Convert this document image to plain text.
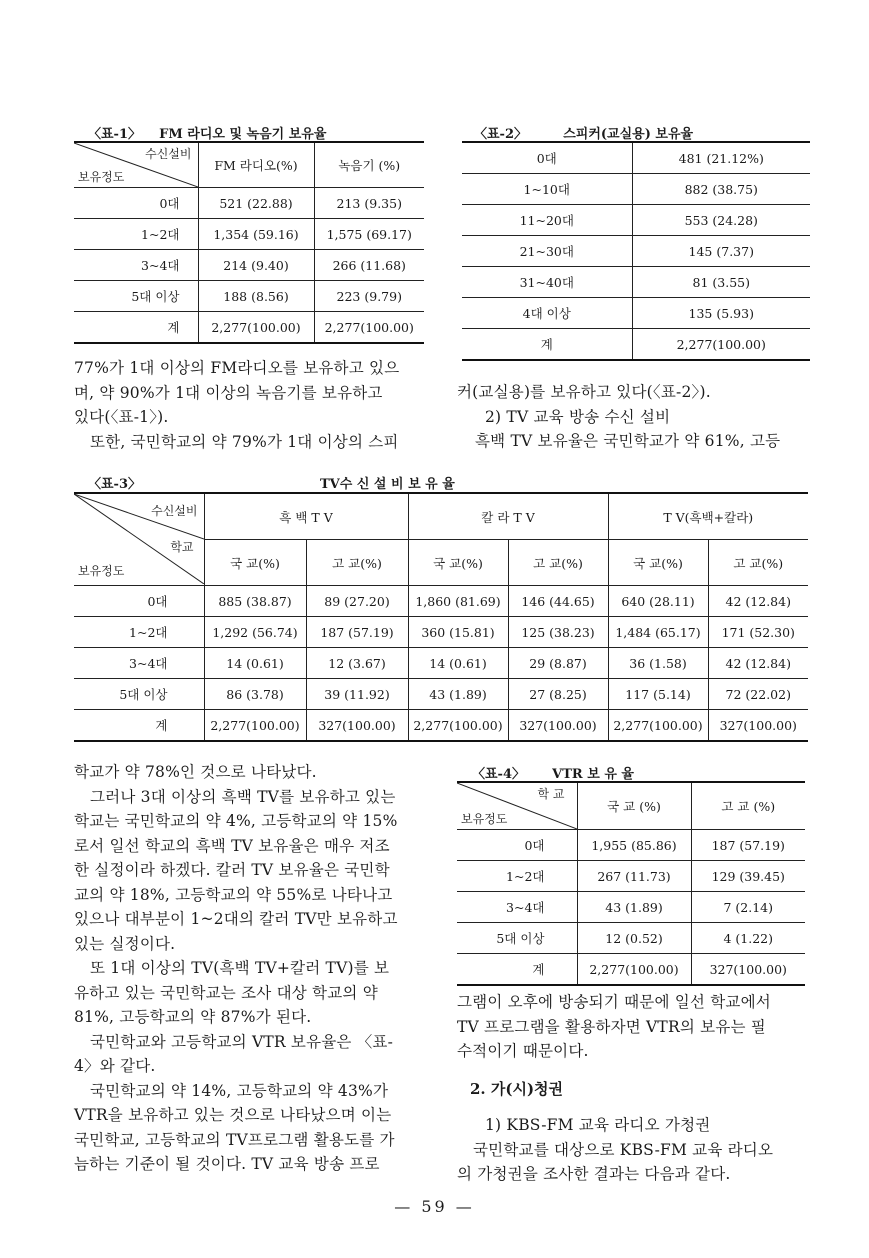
〈표-1〉 FM 라디오 및 녹음기 보유율
수신설비
보유정도	FM 라디오(%)	녹음기 (%)
0대	521 (22.88)	213 (9.35)
1~2대	1,354 (59.16)	1,575 (69.17)
3~4대	214 (9.40)	266 (11.68)
5대 이상	188 (8.56)	223 (9.79)
계	2,277(100.00)	2,277(100.00)
〈표-2〉	스피커(교실용) 보유율
0대	481 (21.12%)
1~10대	882 (38.75)
11~20대	553 (24.28)
21~30대	145 (7.37)
31~40대	81 (3.55)
4대 이상	135 (5.93)
계	2,277(100.00)
77%가 1대 이상의 FM라디오를 보유하고 있으
며, 약 90%가 1대 이상의 녹음기를 보유하고
있다(〈표-1〉).
또한, 국민학교의 약 79%가 1대 이상의 스피
커(교실용)를 보유하고 있다(〈표-2〉).
2) TV 교육 방송 수신 설비
흑백 TV 보유율은 국민학교가 약 61%, 고등
〈표-3〉	TV수 신 설 비 보 유 율
수신설비
학교
보유정도	흑 백 T V		칼 라 T V		T V(흑백+칼라)	
	국 교(%)	고 교(%)	국 교(%)	고 교(%)	국 교(%)	고 교(%)
0대	885 (38.87)	89 (27.20)	1,860 (81.69)	146 (44.65)	640 (28.11)	42 (12.84)
1~2대	1,292 (56.74)	187 (57.19)	360 (15.81)	125 (38.23)	1,484 (65.17)	171 (52.30)
3~4대	14 (0.61)	12 (3.67)	14 (0.61)	29 (8.87)	36 (1.58)	42 (12.84)
5대 이상	86 (3.78)	39 (11.92)	43 (1.89)	27 (8.25)	117 (5.14)	72 (22.02)
계	2,277(100.00)	327(100.00)	2,277(100.00)	327(100.00)	2,277(100.00)	327(100.00)
학교가 약 78%인 것으로 나타났다.
그러나 3대 이상의 흑백 TV를 보유하고 있는
학교는 국민학교의 약 4%, 고등학교의 약 15%
로서 일선 학교의 흑백 TV 보유율은 매우 저조
한 실정이라 하겠다. 칼러 TV 보유율은 국민학
교의 약 18%, 고등학교의 약 55%로 나타나고
있으나 대부분이 1~2대의 칼러 TV만 보유하고
있는 실정이다.
또 1대 이상의 TV(흑백 TV+칼러 TV)를 보
유하고 있는 국민학교는 조사 대상 학교의 약
81%, 고등학교의 약 87%가 된다.
국민학교와 고등학교의 VTR 보유율은 〈표-
4〉와 같다.
국민학교의 약 14%, 고등학교의 약 43%가
VTR을 보유하고 있는 것으로 나타났으며 이는
국민학교, 고등학교의 TV프로그램 활용도를 가
늠하는 기준이 될 것이다. TV 교육 방송 프로
〈표-4〉 VTR 보 유 율
학 교
보유정도	국 교 (%)	고 교 (%)
0대	1,955 (85.86)	187 (57.19)
1~2대	267 (11.73)	129 (39.45)
3~4대	43 (1.89)	7 (2.14)
5대 이상	12 (0.52)	4 (1.22)
계	2,277(100.00)	327(100.00)
그램이 오후에 방송되기 때문에 일선 학교에서
TV 프로그램을 활용하자면 VTR의 보유는 필
수적이기 때문이다.
2. 가(시)청권
1) KBS-FM 교육 라디오 가청권
국민학교를 대상으로 KBS-FM 교육 라디오
의 가청권을 조사한 결과는 다음과 같다.
— 59 —
